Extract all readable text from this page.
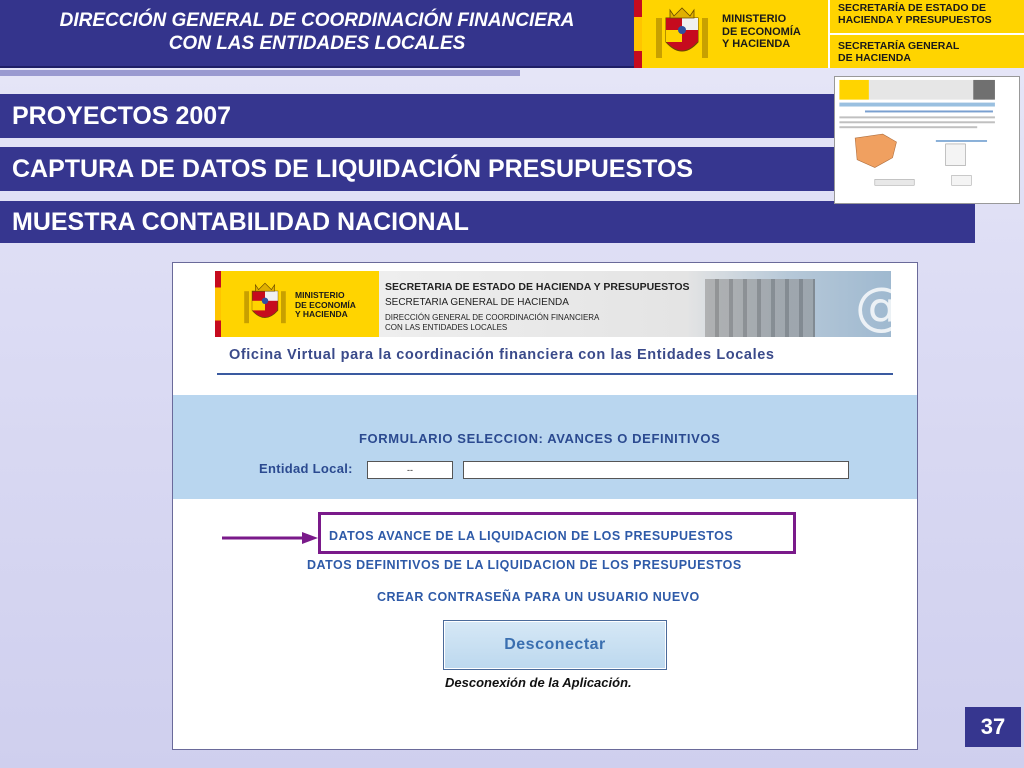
DIRECCIÓN GENERAL DE COORDINACIÓN FINANCIERA
CON LAS ENTIDADES LOCALES
MINISTERIO
DE ECONOMÍA
Y HACIENDA
SECRETARÍA DE ESTADO DE
HACIENDA Y PRESUPUESTOS
SECRETARÍA GENERAL
DE HACIENDA
PROYECTOS 2007
CAPTURA DE DATOS DE LIQUIDACIÓN PRESUPUESTOS
MUESTRA CONTABILIDAD NACIONAL
MINISTERIO
DE ECONOMÍA
Y HACIENDA	@
SECRETARIA DE ESTADO DE HACIENDA Y PRESUPUESTOS
SECRETARIA GENERAL DE HACIENDA
DIRECCIÓN GENERAL DE COORDINACIÓN FINANCIERA
CON LAS ENTIDADES LOCALES
Oficina Virtual para la coordinación financiera con las Entidades Locales
FORMULARIO SELECCION: AVANCES O DEFINITIVOS
Entidad Local:	--
DATOS AVANCE DE LA LIQUIDACION DE LOS PRESUPUESTOS
DATOS DEFINITIVOS DE LA LIQUIDACION DE LOS PRESUPUESTOS
CREAR CONTRASEÑA PARA UN USUARIO NUEVO
Desconectar
Desconexión de la Aplicación.
37
